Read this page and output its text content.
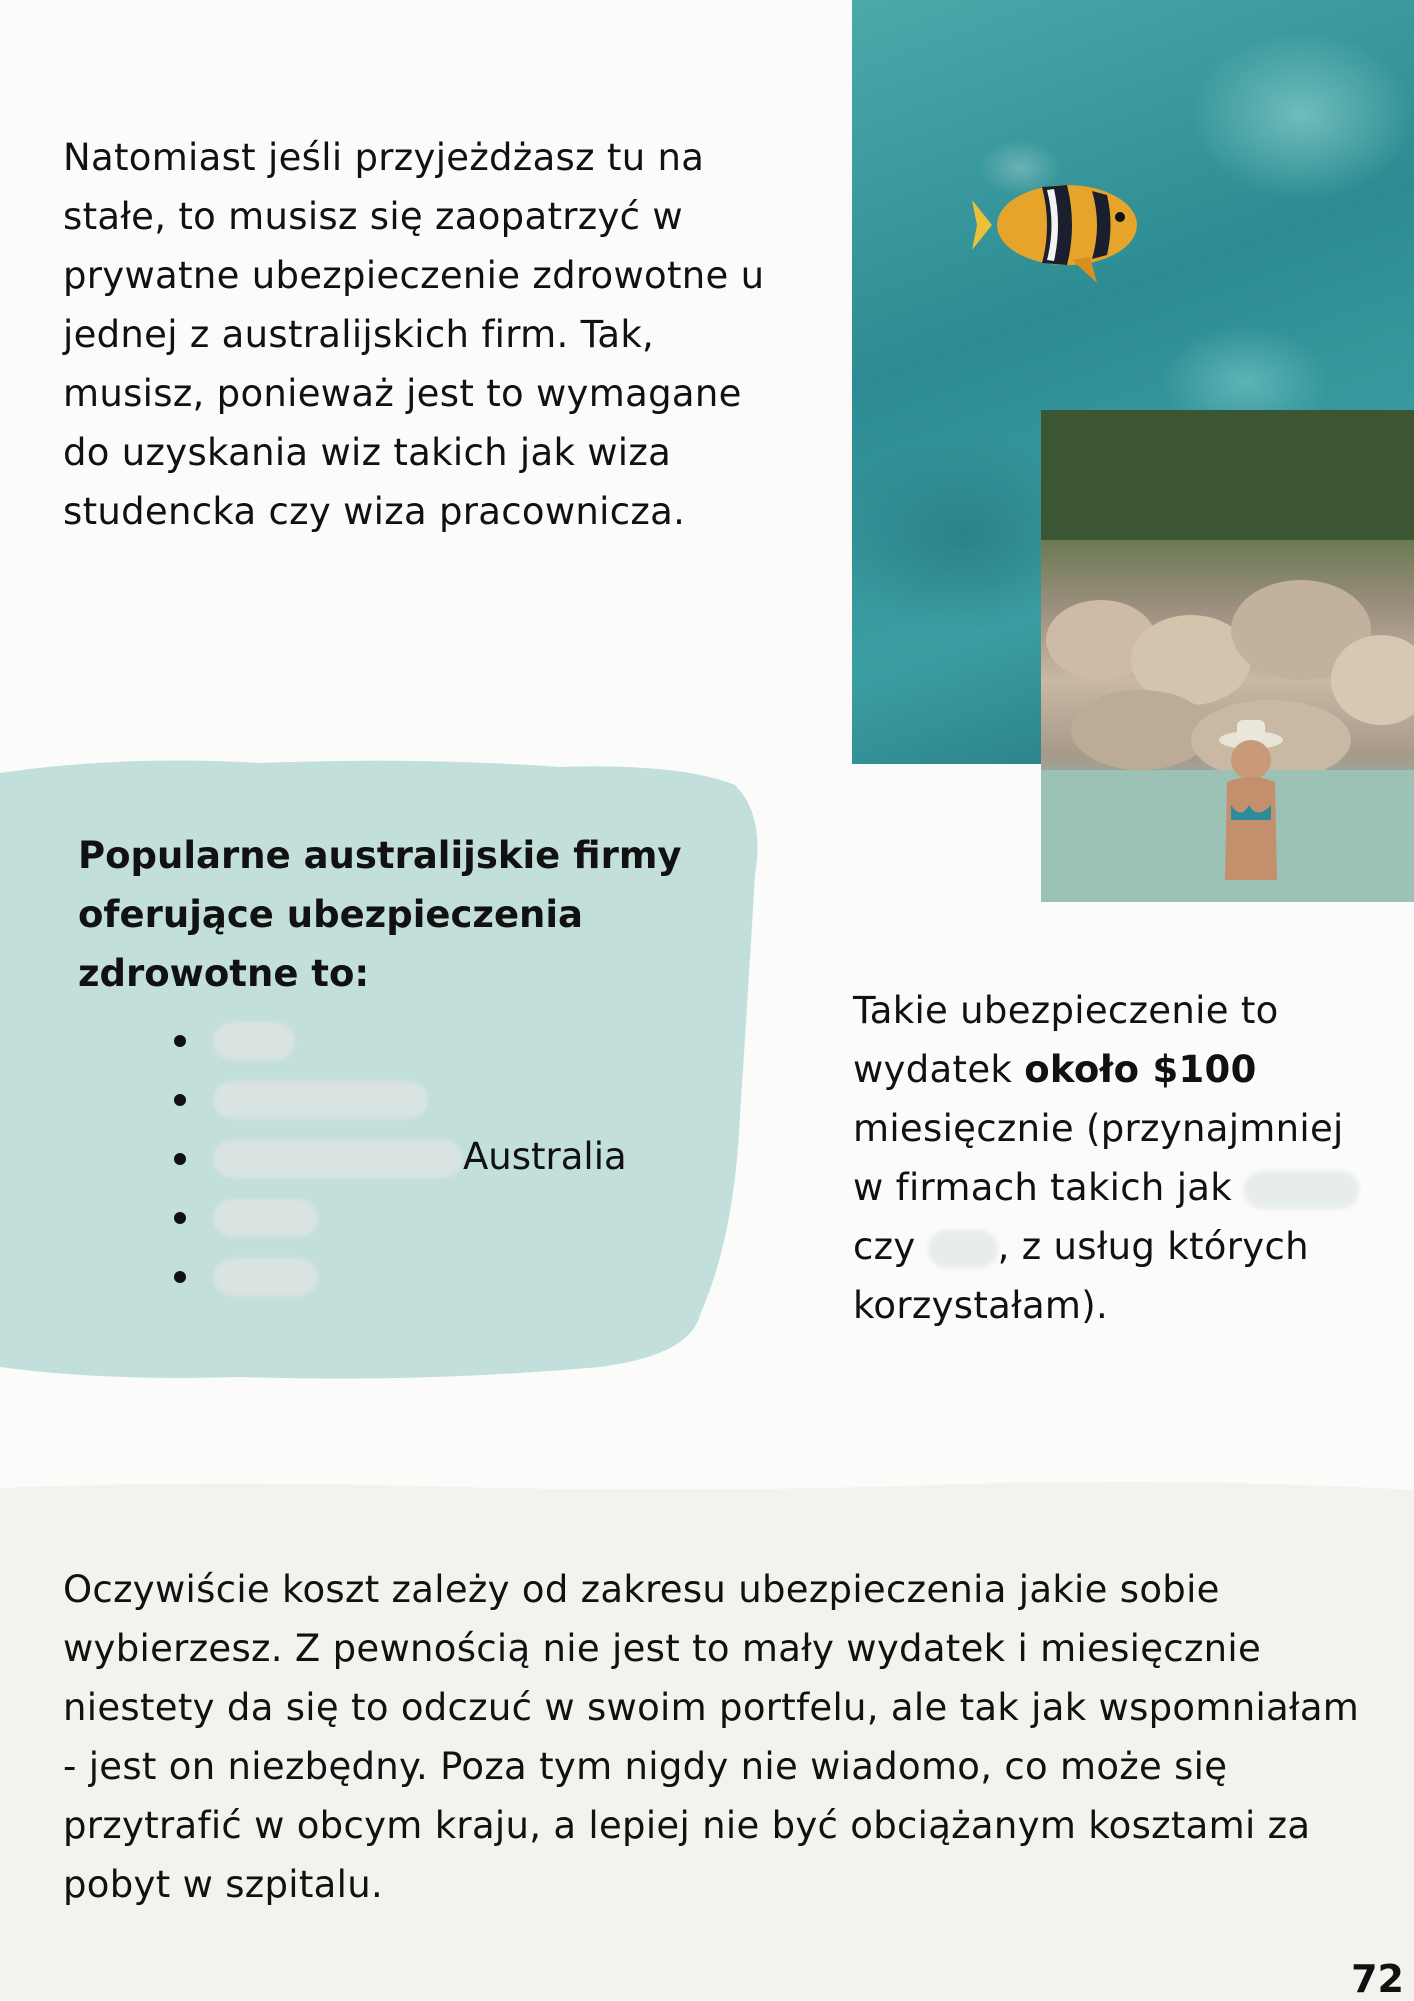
Natomiast jeśli przyjeżdżasz tu na stałe, to musisz się zaopatrzyć w prywatne ubezpieczenie zdrowotne u jednej z australijskich firm. Tak, musisz, ponieważ jest to wymagane do uzyskania wiz takich jak wiza studencka czy wiza pracownicza.

Popularne australijskie firmy oferujące ubezpieczenia zdrowotne to:

Australia

Takie ubezpieczenie to wydatek około $100 miesięcznie (przynajmniej w firmach takich jak  czy , z usług których korzystałam).

Oczywiście koszt zależy od zakresu ubezpieczenia jakie sobie wybierzesz. Z pewnością nie jest to mały wydatek i miesięcznie niestety da się to odczuć w swoim portfelu, ale tak jak wspomniałam - jest on niezbędny. Poza tym nigdy nie wiadomo, co może się przytrafić w obcym kraju, a lepiej nie być obciążanym kosztami za pobyt w szpitalu.

72
